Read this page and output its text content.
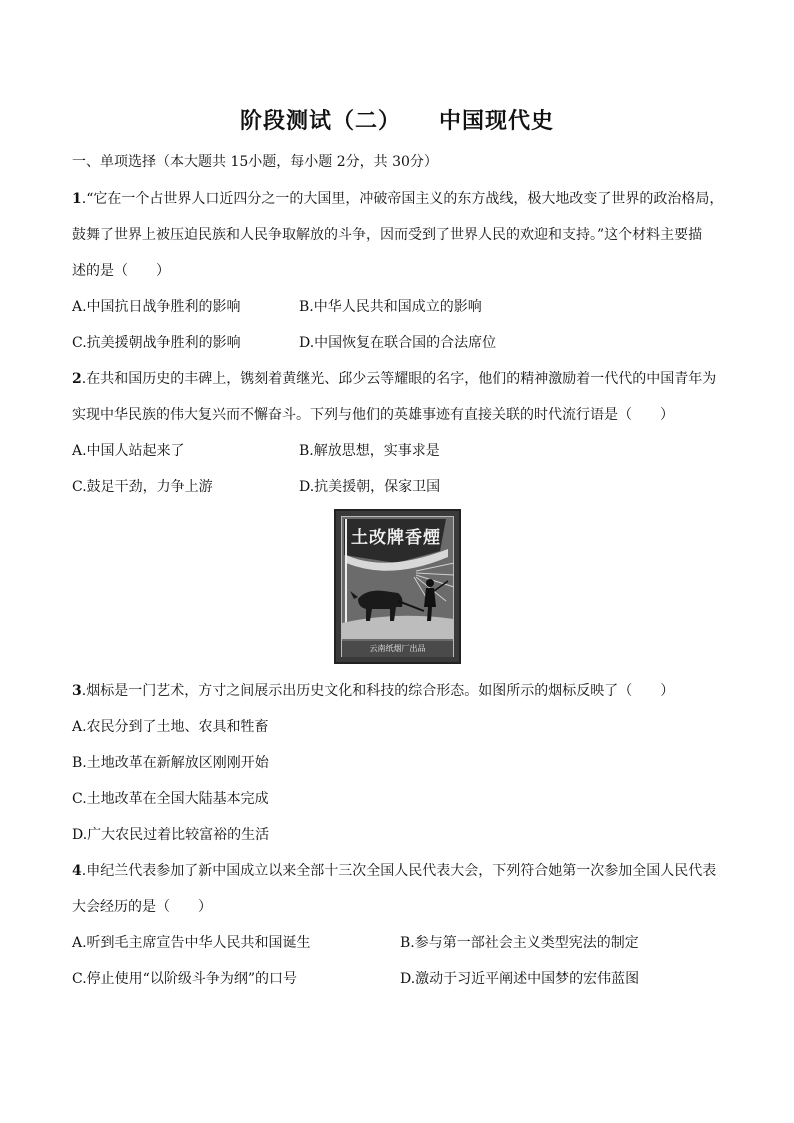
阶段测试（二） 中国现代史
一、单项选择（本大题共 15小题，每小题 2分，共 30分）
1.“它在一个占世界人口近四分之一的大国里，冲破帝国主义的东方战线，极大地改变了世界的政治格局，
鼓舞了世界上被压迫民族和人民争取解放的斗争，因而受到了世界人民的欢迎和支持。”这个材料主要描
述的是（　　）
A.中国抗日战争胜利的影响	B.中华人民共和国成立的影响
C.抗美援朝战争胜利的影响	D.中国恢复在联合国的合法席位
2.在共和国历史的丰碑上，镌刻着黄继光、邱少云等耀眼的名字，他们的精神激励着一代代的中国青年为
实现中华民族的伟大复兴而不懈奋斗。下列与他们的英雄事迹有直接关联的时代流行语是（　　）
A.中国人站起来了	B.解放思想，实事求是
C.鼓足干劲，力争上游	D.抗美援朝，保家卫国
土改牌香煙
云南纸烟厂出品
3.烟标是一门艺术，方寸之间展示出历史文化和科技的综合形态。如图所示的烟标反映了（　　）
A.农民分到了土地、农具和牲畜
B.土地改革在新解放区刚刚开始
C.土地改革在全国大陆基本完成
D.广大农民过着比较富裕的生活
4.申纪兰代表参加了新中国成立以来全部十三次全国人民代表大会，下列符合她第一次参加全国人民代表
大会经历的是（　　）
A.听到毛主席宣告中华人民共和国诞生	B.参与第一部社会主义类型宪法的制定
C.停止使用“以阶级斗争为纲”的口号	D.激动于习近平阐述中国梦的宏伟蓝图
